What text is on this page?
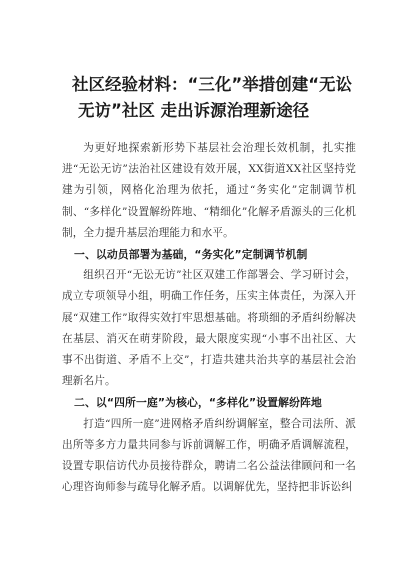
社区经验材料：“三化”举措创建“无讼
无访”社区 走出诉源治理新途径

为更好地探索新形势下基层社会治理长效机制，扎实推进“无讼无访”法治社区建设有效开展，XX街道XX社区坚持党建为引领，网格化治理为依托，通过“务实化”定制调节机制、“多样化”设置解纷阵地、“精细化”化解矛盾源头的三化机制，全力提升基层治理能力和水平。

一、以动员部署为基础，“务实化”定制调节机制

组织召开“无讼无访”社区双建工作部署会、学习研讨会，成立专项领导小组，明确工作任务，压实主体责任，为深入开展“双建工作”取得实效打牢思想基础。将琐细的矛盾纠纷解决在基层、消灭在萌芽阶段，最大限度实现“小事不出社区、大事不出街道、矛盾不上交”，打造共建共治共享的基层社会治理新名片。

二、以“四所一庭”为核心，“多样化”设置解纷阵地

打造“四所一庭”进网格矛盾纠纷调解室，整合司法所、派出所等多方力量共同参与诉前调解工作，明确矛盾调解流程，设置专职信访代办员接待群众，聘请二名公益法律顾问和一名心理咨询师参与疏导化解矛盾。以调解优先，坚持把非诉讼纠
